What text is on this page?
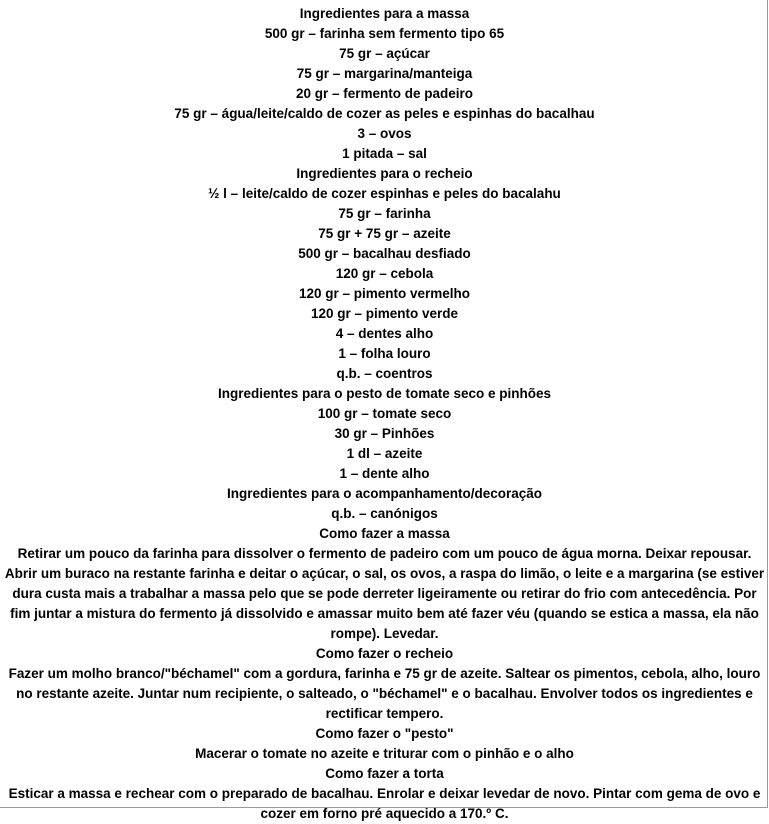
Ingredientes para a massa
500 gr – farinha sem fermento tipo 65
75 gr – açúcar
75 gr – margarina/manteiga
20 gr – fermento de padeiro
75 gr – água/leite/caldo de cozer as peles e espinhas do bacalhau
3 – ovos
1 pitada – sal
Ingredientes para o recheio
½ l – leite/caldo de cozer espinhas e peles do bacalahu
75 gr – farinha
75 gr + 75 gr – azeite
500 gr – bacalhau desfiado
120 gr – cebola
120 gr – pimento vermelho
120 gr – pimento verde
4 – dentes alho
1 – folha louro
q.b. – coentros
Ingredientes para o pesto de tomate seco e pinhões
100 gr – tomate seco
30 gr – Pinhões
1 dl – azeite
1 – dente alho
Ingredientes para o acompanhamento/decoração
q.b. – canónigos
Como fazer a massa

Retirar um pouco da farinha para dissolver o fermento de padeiro com um pouco de água morna. Deixar repousar. Abrir um buraco na restante farinha e deitar o açúcar, o sal, os ovos, a raspa do limão, o leite e a margarina (se estiver dura custa mais a trabalhar a massa pelo que se pode derreter ligeiramente ou retirar do frio com antecedência. Por fim juntar a mistura do fermento já dissolvido e amassar muito bem até fazer véu (quando se estica a massa, ela não rompe). Levedar.

Como fazer o recheio

Fazer um molho branco/"béchamel" com a gordura, farinha e 75 gr de azeite. Saltear os pimentos, cebola, alho, louro no restante azeite. Juntar num recipiente, o salteado, o "béchamel" e o bacalhau. Envolver todos os ingredientes e rectificar tempero.

Como fazer o "pesto"

Macerar o tomate no azeite e triturar com o pinhão e o alho

Como fazer a torta

Esticar a massa e rechear com o preparado de bacalhau. Enrolar e deixar levedar de novo. Pintar com gema de ovo e cozer em forno pré aquecido a 170.º C.
